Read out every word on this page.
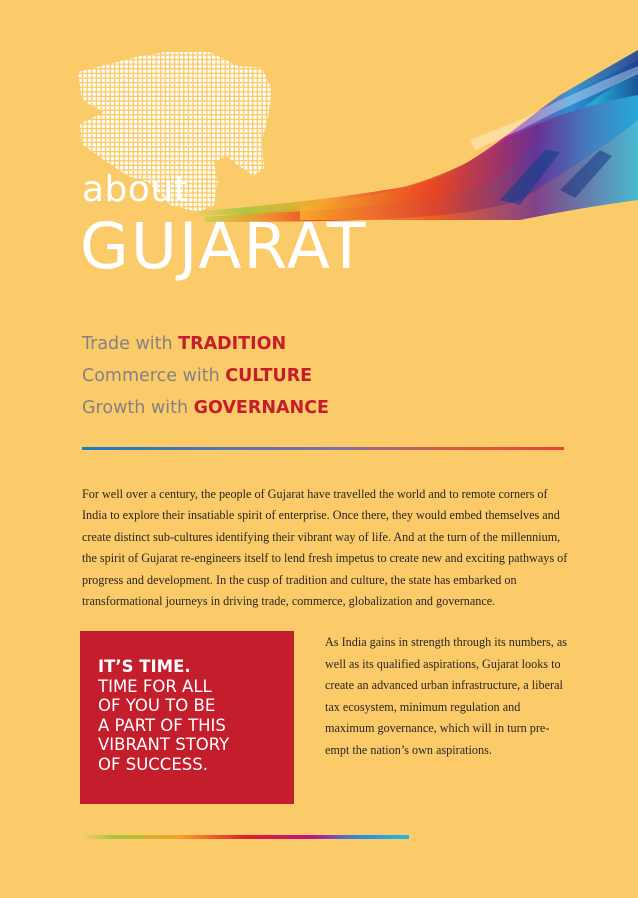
about
GUJARAT
Trade with TRADITION
Commerce with CULTURE
Growth with GOVERNANCE

For well over a century, the people of Gujarat have travelled the world and to remote corners of India to explore their insatiable spirit of enterprise. Once there, they would embed themselves and create distinct sub-cultures identifying their vibrant way of life. And at the turn of the millennium, the spirit of Gujarat re-engineers itself to lend fresh impetus to create new and exciting pathways of progress and development. In the cusp of tradition and culture, the state has embarked on transformational journeys in driving trade, commerce, globalization and governance.

IT’S TIME.
TIME FOR ALL
OF YOU TO BE
A PART OF THIS
VIBRANT STORY
OF SUCCESS.

As India gains in strength through its numbers, as well as its qualified aspirations, Gujarat looks to create an advanced urban infrastructure, a liberal tax ecosystem, minimum regulation and maximum governance, which will in turn pre-empt the nation’s own aspirations.
